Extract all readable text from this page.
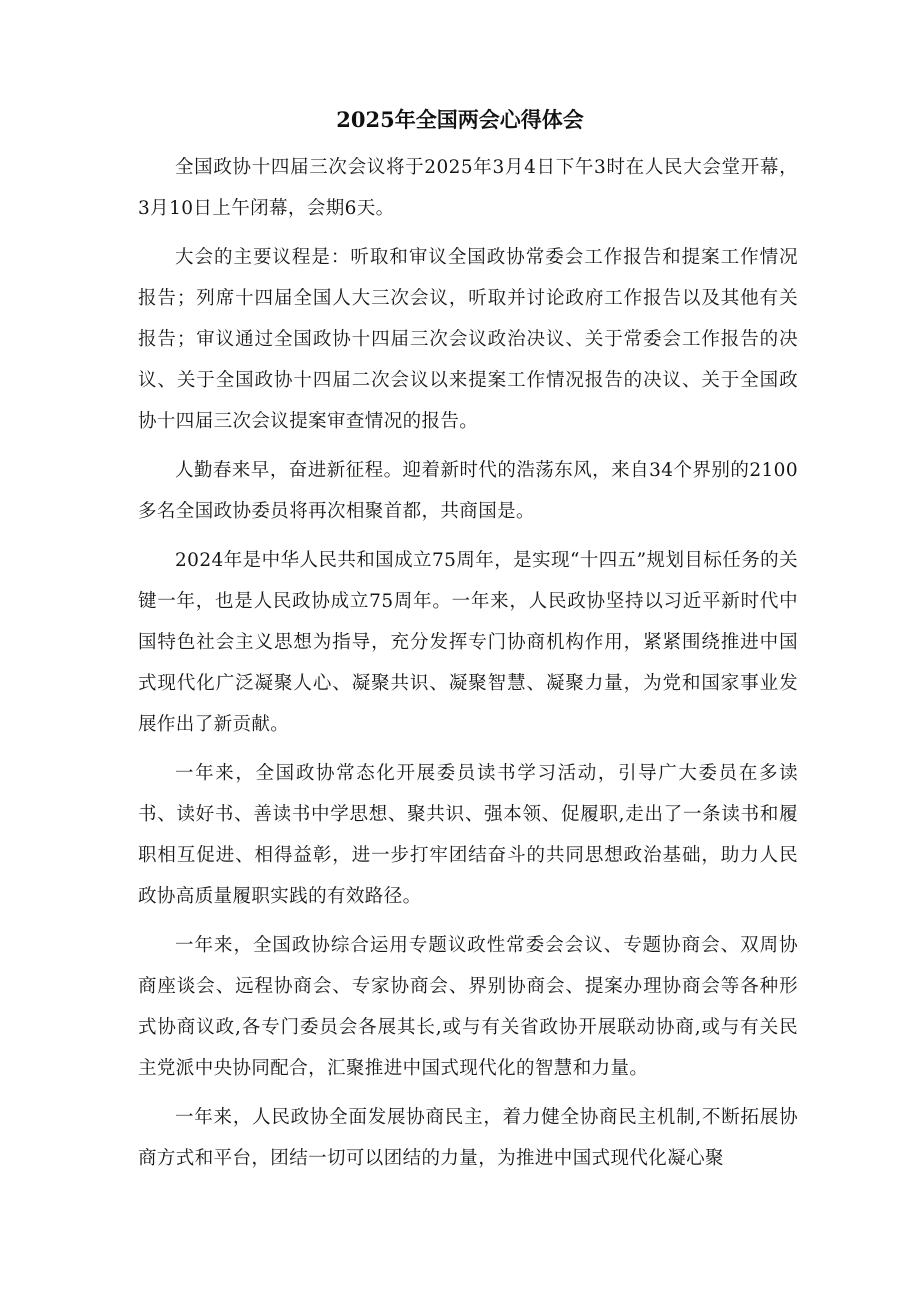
2025年全国两会心得体会

全国政协十四届三次会议将于2025年3月4日下午3时在人民大会堂开幕，3月10日上午闭幕，会期6天。

大会的主要议程是：听取和审议全国政协常委会工作报告和提案工作情况报告；列席十四届全国人大三次会议，听取并讨论政府工作报告以及其他有关报告；审议通过全国政协十四届三次会议政治决议、关于常委会工作报告的决议、关于全国政协十四届二次会议以来提案工作情况报告的决议、关于全国政协十四届三次会议提案审查情况的报告。

人勤春来早，奋进新征程。迎着新时代的浩荡东风，来自34个界别的2100多名全国政协委员将再次相聚首都，共商国是。

2024年是中华人民共和国成立75周年，是实现“十四五”规划目标任务的关键一年，也是人民政协成立75周年。一年来，人民政协坚持以习近平新时代中国特色社会主义思想为指导，充分发挥专门协商机构作用，紧紧围绕推进中国式现代化广泛凝聚人心、凝聚共识、凝聚智慧、凝聚力量，为党和国家事业发展作出了新贡献。

一年来，全国政协常态化开展委员读书学习活动，引导广大委员在多读书、读好书、善读书中学思想、聚共识、强本领、促履职,走出了一条读书和履职相互促进、相得益彰，进一步打牢团结奋斗的共同思想政治基础，助力人民政协高质量履职实践的有效路径。

一年来，全国政协综合运用专题议政性常委会会议、专题协商会、双周协商座谈会、远程协商会、专家协商会、界别协商会、提案办理协商会等各种形式协商议政,各专门委员会各展其长,或与有关省政协开展联动协商,或与有关民主党派中央协同配合，汇聚推进中国式现代化的智慧和力量。

一年来，人民政协全面发展协商民主，着力健全协商民主机制,不断拓展协商方式和平台，团结一切可以团结的力量，为推进中国式现代化凝心聚
